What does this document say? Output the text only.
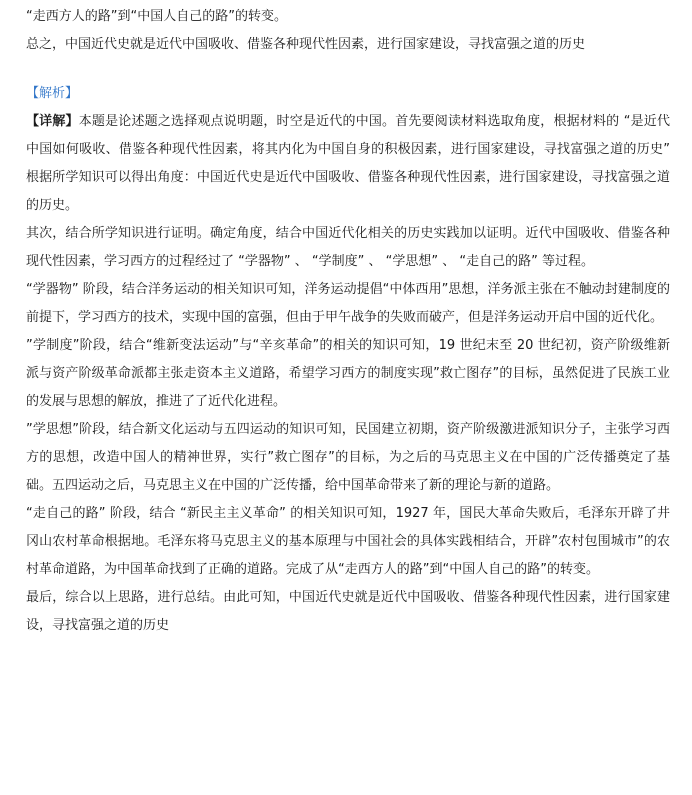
“走西方人的路”到“中国人自己的路”的转变。

总之，中国近代史就是近代中国吸收、借鉴各种现代性因素，进行国家建设，寻找富强之道的历史

【解析】

【详解】本题是论述题之选择观点说明题，时空是近代的中国。首先要阅读材料选取角度，根据材料的 “是近代中国如何吸收、借鉴各种现代性因素，将其内化为中国自身的积极因素，进行国家建设，寻找富强之道的历史” 根据所学知识可以得出角度：中国近代史是近代中国吸收、借鉴各种现代性因素，进行国家建设，寻找富强之道的历史。

其次，结合所学知识进行证明。确定角度，结合中国近代化相关的历史实践加以证明。近代中国吸收、借鉴各种现代性因素，学习西方的过程经过了 “学器物” 、 “学制度” 、 “学思想” 、 “走自己的路” 等过程。

“学器物” 阶段，结合洋务运动的相关知识可知，洋务运动提倡“中体西用”思想，洋务派主张在不触动封建制度的前提下，学习西方的技术，实现中国的富强，但由于甲午战争的失败而破产，但是洋务运动开启中国的近代化。

”学制度”阶段，结合“维新变法运动”与“辛亥革命”的相关的知识可知，19 世纪末至 20 世纪初，资产阶级维新派与资产阶级革命派都主张走资本主义道路，希望学习西方的制度实现”救亡图存”的目标，虽然促进了民族工业的发展与思想的解放，推进了了近代化进程。

”学思想”阶段，结合新文化运动与五四运动的知识可知，民国建立初期，资产阶级激进派知识分子，主张学习西方的思想，改造中国人的精神世界，实行”救亡图存”的目标，为之后的马克思主义在中国的广泛传播奠定了基础。五四运动之后，马克思主义在中国的广泛传播，给中国革命带来了新的理论与新的道路。

“走自己的路” 阶段，结合 “新民主主义革命” 的相关知识可知，1927 年，国民大革命失败后，毛泽东开辟了井冈山农村革命根据地。毛泽东将马克思主义的基本原理与中国社会的具体实践相结合，开辟”农村包围城市”的农村革命道路，为中国革命找到了正确的道路。完成了从“走西方人的路”到“中国人自己的路”的转变。

最后，综合以上思路，进行总结。由此可知，中国近代史就是近代中国吸收、借鉴各种现代性因素，进行国家建设，寻找富强之道的历史
